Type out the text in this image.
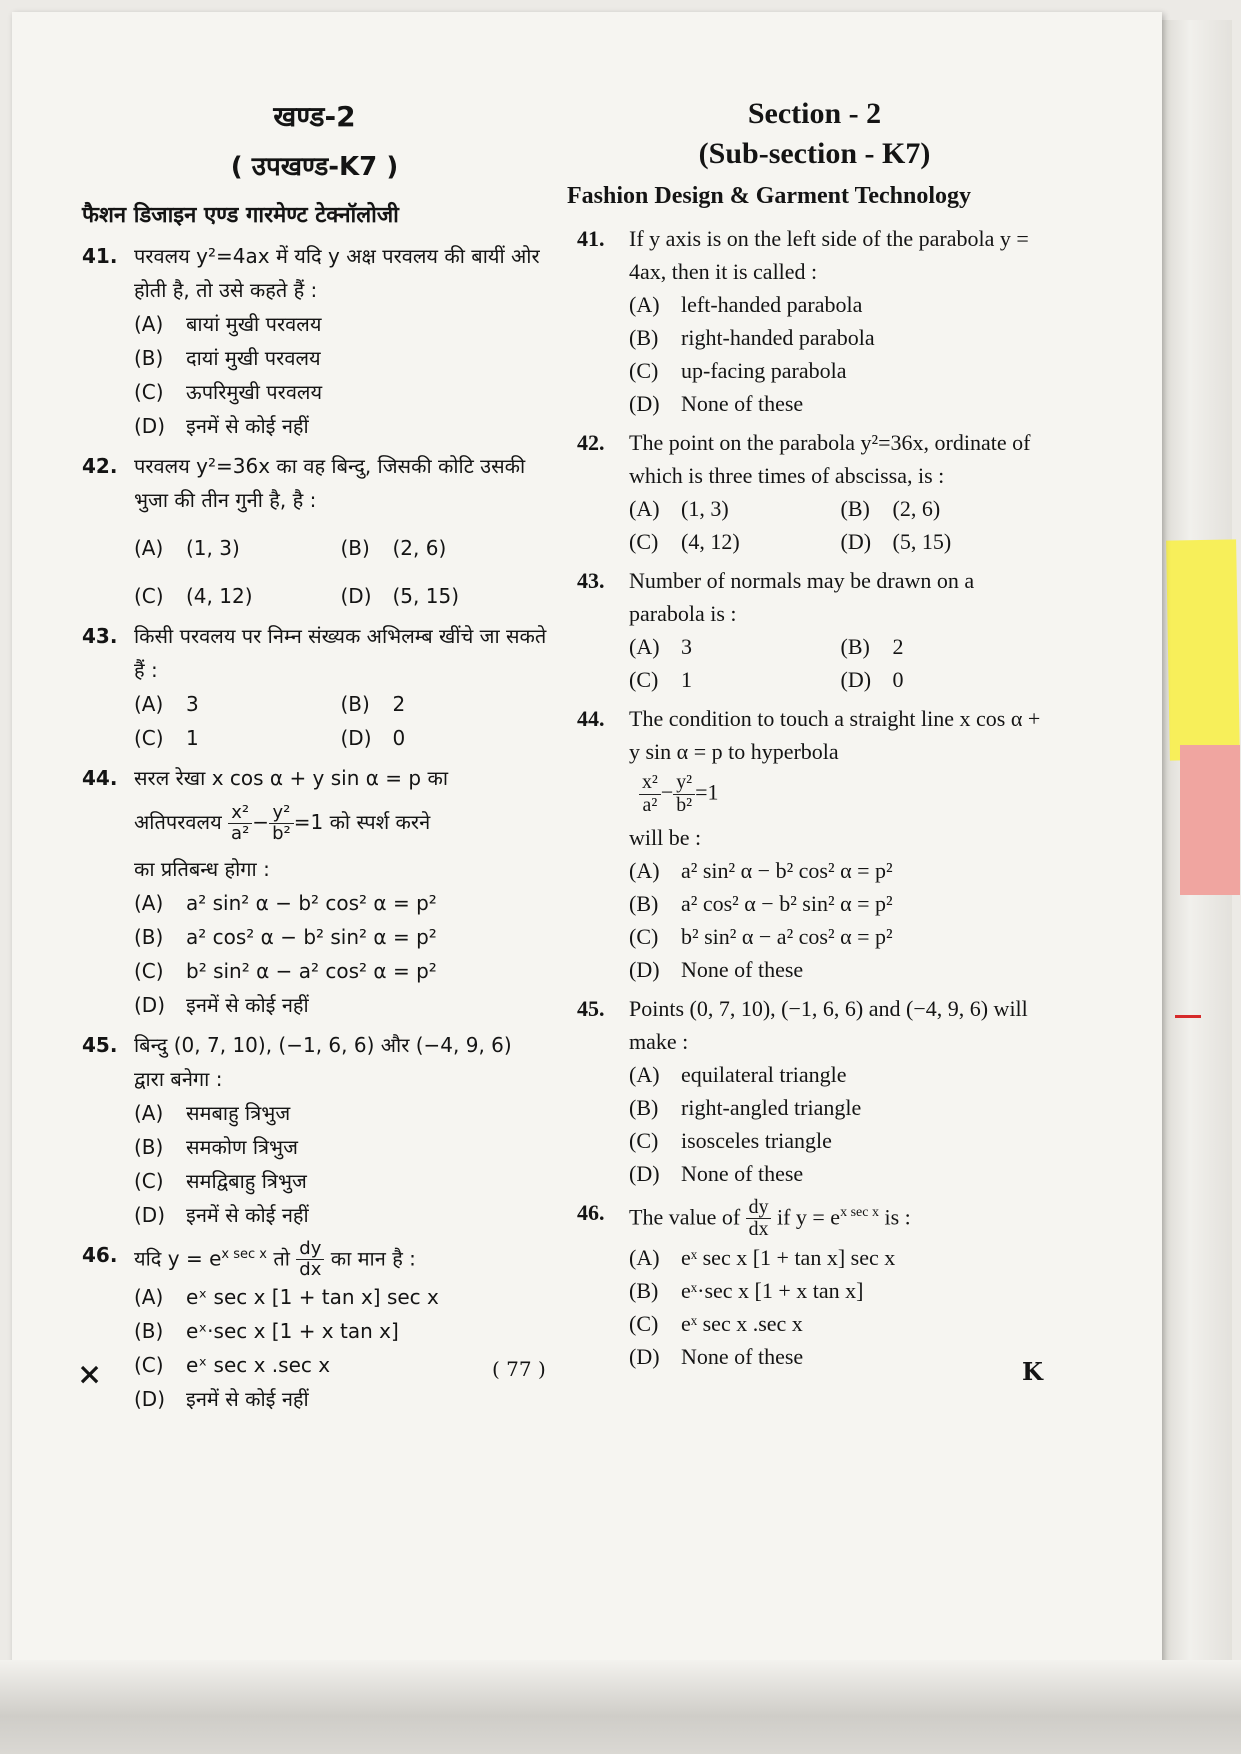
खण्ड-2
( उपखण्ड-K7 )
फैशन डिजाइन एण्ड गारमेण्ट टेक्नॉलोजी
41. परवलय y²=4ax में यदि y अक्ष परवलय की बायीं ओर होती है, तो उसे कहते हैं :
(A)	बायां मुखी परवलय
(B)	दायां मुखी परवलय
(C)	ऊपरिमुखी परवलय
(D)	इनमें से कोई नहीं
42. परवलय y²=36x का वह बिन्दु, जिसकी कोटि उसकी भुजा की तीन गुनी है, है :
(A)	(1, 3)	(B)	(2, 6)
(C)	(4, 12)	(D)	(5, 15)
43. किसी परवलय पर निम्न संख्यक अभिलम्ब खींचे जा सकते हैं :
(A)	3	(B)	2
(C)	1	(D)	0
44. सरल रेखा x cos α + y sin α = p का
अतिपरवलय $\frac{\text{x²}}{\text{a²}} - \frac{\text{y²}}{\text{b²}} =1$ को स्पर्श करने
का प्रतिबन्ध होगा :
(A)	a² sin² α − b² cos² α = p²
(B)	a² cos² α − b² sin² α = p²
(C)	b² sin² α − a² cos² α = p²
(D)	इनमें से कोई नहीं
45. बिन्दु (0, 7, 10), (−1, 6, 6) और (−4, 9, 6) द्वारा बनेगा :
(A)	समबाहु त्रिभुज
(B)	समकोण त्रिभुज
(C)	समद्विबाहु त्रिभुज
(D)	इनमें से कोई नहीं
46. यदि $y = e^{x sec x}$ तो $\frac{dy}{dx}$ का मान है :
(A)	eˣ sec x [1 + tan x] sec x
(B)	eˣ·sec x [1 + x tan x]
(C)	eˣ sec x .sec x
(D)	इनमें से कोई नहीं
Section - 2
(Sub-section - K7)
Fashion Design & Garment Technology
41. If y axis is on the left side of the parabola y = 4ax, then it is called :
(A) left-handed parabola
(B)	right-handed parabola
(C)	up-facing parabola
(D) None of these
42. The point on the parabola y²=36x, ordinate of which is three times of abscissa, is :
(A) (1, 3)	(B)	(2, 6)
(C)	(4, 12)	(D) (5, 15)
43. Number of normals may be drawn on a parabola is :
(A) 3	(B)	2
(C)	1	(D) 0
44. The condition to touch a straight line x cos α + y sin α = p to hyperbola
$\frac{\text{x²}}{\text{a²}} - \frac{\text{y²}}{\text{b²}} =1$
will be :
(A) a² sin² α − b² cos² α = p²
(B)	a² cos² α − b² sin² α = p²
(C)	b² sin² α − a² cos² α = p²
(D) None of these
45. Points (0, 7, 10), (−1, 6, 6) and (−4, 9, 6) will make :
(A) equilateral triangle
(B)	right-angled triangle
(C)	isosceles triangle
(D) None of these
46. The value of $\frac{dy}{dx}$ if $y = e^{x sec x}$ is :
(A) eˣ sec x [1 + tan x] sec x
(B)	eˣ·sec x [1 + x tan x]
(C)	eˣ sec x .sec x
(D) None of these
×	( 77 )	K
